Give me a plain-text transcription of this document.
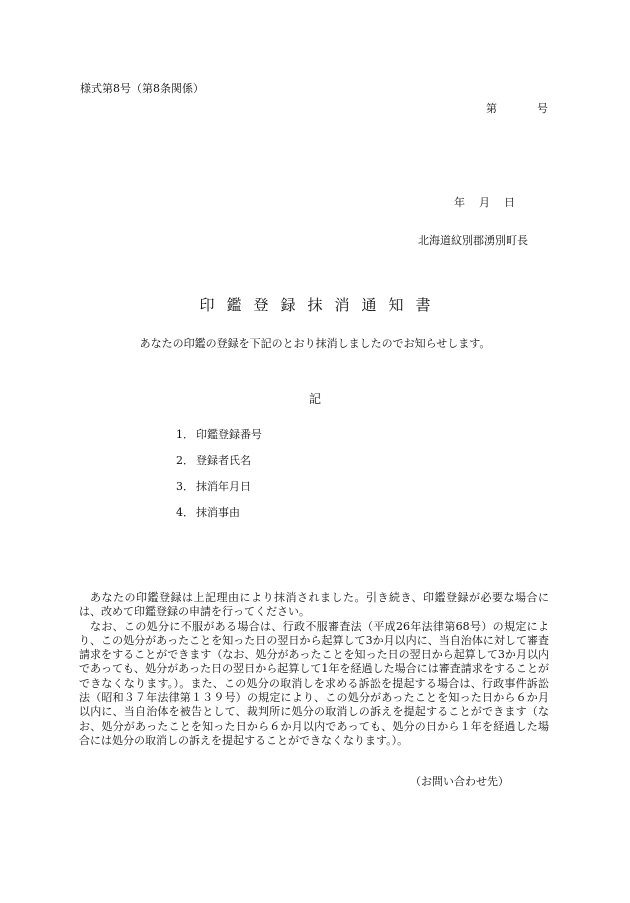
様式第8号（第8条関係）
第	号
年 月 日
北海道紋別郡湧別町長
印鑑登録抹消通知書
あなたの印鑑の登録を下記のとおり抹消しましたのでお知らせします。
記
1． 印鑑登録番号
2． 登録者氏名
3． 抹消年月日
4． 抹消事由

あなたの印鑑登録は上記理由により抹消されました。引き続き、印鑑登録が必要な場合には、改めて印鑑登録の申請を行ってください。

なお、この処分に不服がある場合は、行政不服審査法（平成26年法律第68号）の規定により、この処分があったことを知った日の翌日から起算して3か月以内に、当自治体に対して審査請求をすることができます（なお、処分があったことを知った日の翌日から起算して3か月以内であっても、処分があった日の翌日から起算して1年を経過した場合には審査請求をすることができなくなります。）。また、この処分の取消しを求める訴訟を提起する場合は、行政事件訴訟法（昭和３７年法律第１３９号）の規定により、この処分があったことを知った日から６か月以内に、当自治体を被告として、裁判所に処分の取消しの訴えを提起することができます（なお、処分があったことを知った日から６か月以内であっても、処分の日から１年を経過した場合には処分の取消しの訴えを提起することができなくなります。）。

（お問い合わせ先）
